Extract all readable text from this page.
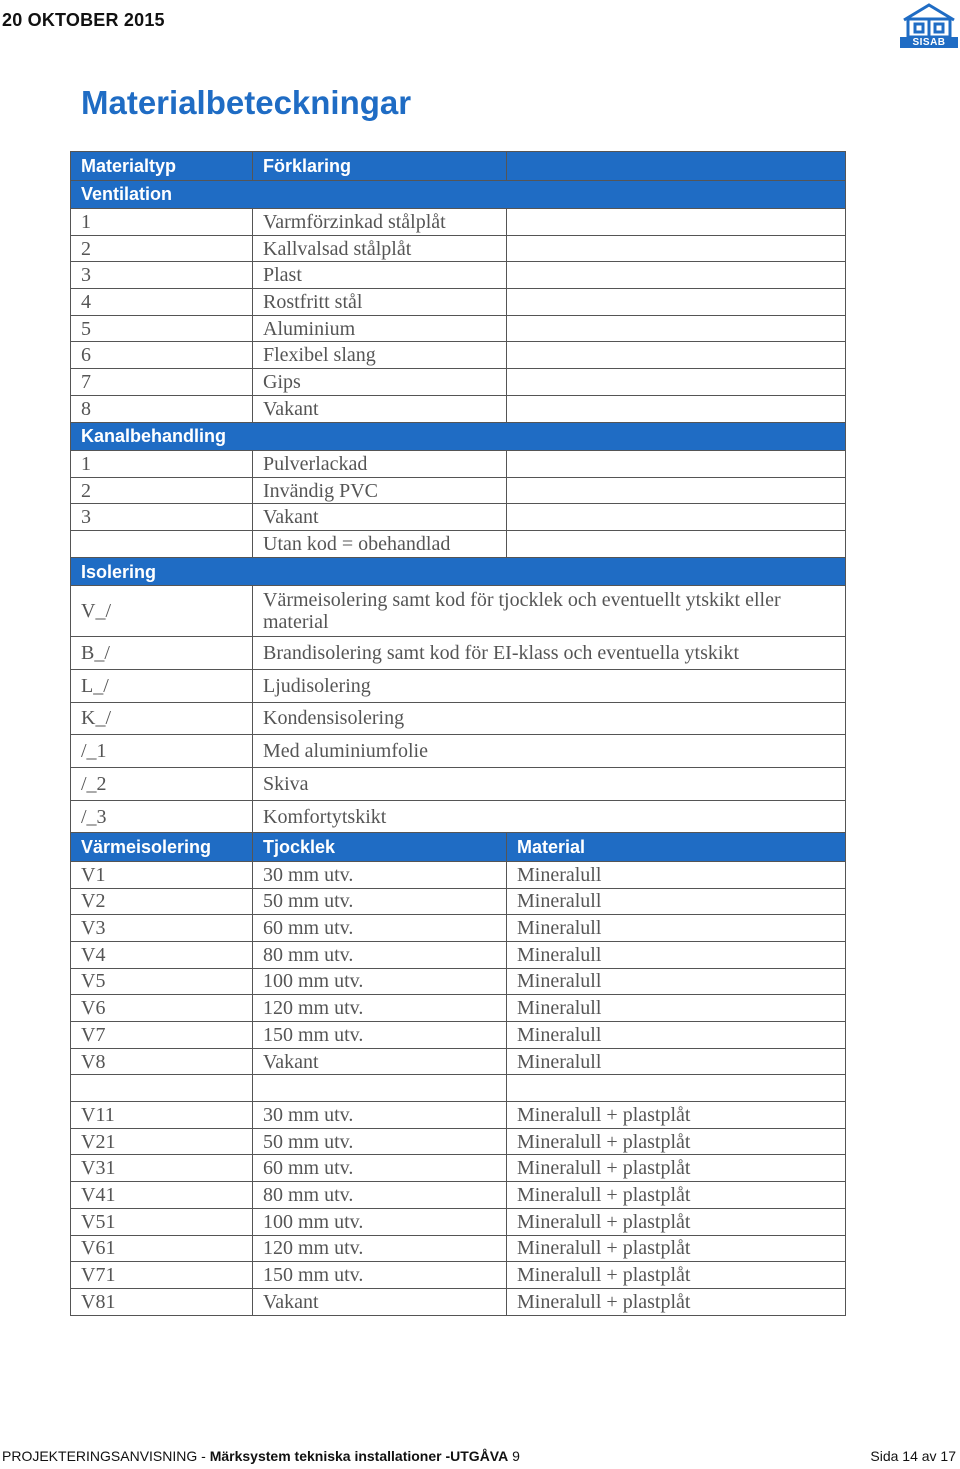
20 OKTOBER 2015
SISAB
Materialbeteckningar
Materialtyp	Förklaring	
Ventilation		
1	Varmförzinkad stålplåt	
2	Kallvalsad stålplåt	
3	Plast	
4	Rostfritt stål	
5	Aluminium	
6	Flexibel slang	
7	Gips	
8	Vakant	
Kanalbehandling		
1	Pulverlackad	
2	Invändig PVC	
3	Vakant	
	Utan kod = obehandlad	
Isolering		
V_/	Värmeisolering samt kod för tjocklek och eventuellt ytskikt eller material	
B_/	Brandisolering samt kod för EI-klass och eventuella ytskikt	
L_/	Ljudisolering	
K_/	Kondensisolering	
/_1	Med aluminiumfolie	
/_2	Skiva	
/_3	Komfortytskikt	
Värmeisolering	Tjocklek	Material
V1	30 mm utv.	Mineralull
V2	50 mm utv.	Mineralull
V3	60 mm utv.	Mineralull
V4	80 mm utv.	Mineralull
V5	100 mm utv.	Mineralull
V6	120 mm utv.	Mineralull
V7	150 mm utv.	Mineralull
V8	Vakant	Mineralull

V11	30 mm utv.	Mineralull + plastplåt
V21	50 mm utv.	Mineralull + plastplåt
V31	60 mm utv.	Mineralull + plastplåt
V41	80 mm utv.	Mineralull + plastplåt
V51	100 mm utv.	Mineralull + plastplåt
V61	120 mm utv.	Mineralull + plastplåt
V71	150 mm utv.	Mineralull + plastplåt
V81	Vakant	Mineralull + plastplåt
PROJEKTERINGSANVISNING - Märksystem tekniska installationer -UTGÅVA 9	Sida 14 av 17
